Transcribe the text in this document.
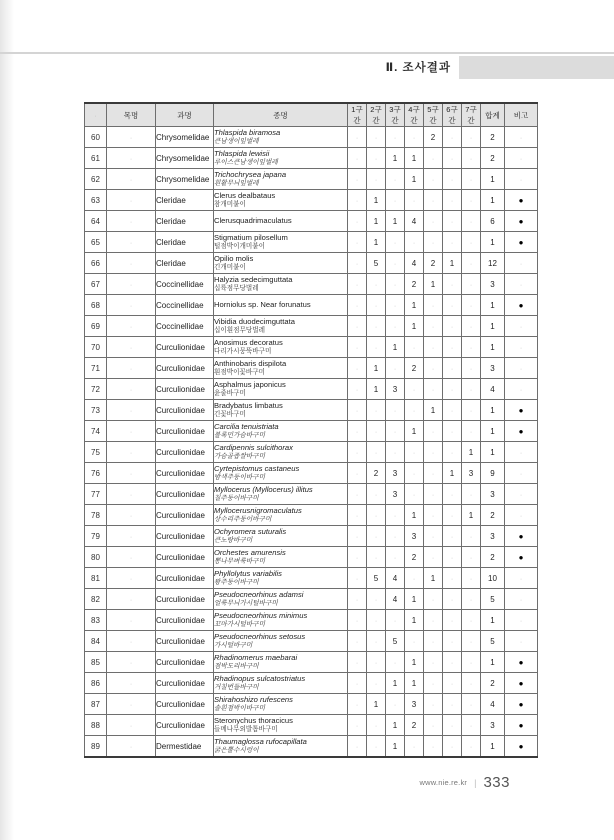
Ⅱ. 조사결과
·	목명	과명	종명	1구간	2구간	3구간	4구간	5구간	6구간	7구간	합계	비고
60	·	Chrysomelidae	Thlaspida biramosa
큰남생이잎벌레
	·	·	·	·	2	·	·	2	·
61	·	Chrysomelidae	Thlaspida lewisii
루이스큰남생이잎벌레
	·	·	1	1	·	·	·	2	·
62	·	Chrysomelidae	Trichochrysea japana
흰활무늬잎벌레
	·	·	·	1	·	·	·	1	·
63	·	Cleridae	Clerus dealbataus
참개미붙이
	·	1	·	·	·	·	·	1	●
64	·	Cleridae	Clerusquadrimaculatus
	·	1	1	4	·	·	·	6	●
65	·	Cleridae	Stigmatium pilosellum
털점박이개미붙이
	·	1	·	·	·	·	·	1	●
66	·	Cleridae	Opilio molis
긴개미붙이
	·	5	·	4	2	1	·	12	·
67	·	Coccinellidae	Halyzia sedecimguttata
십륙점무당벌레
	·	·	·	2	1	·	·	3	·
68	·	Coccinellidae	Horniolus sp. Near forunatus
	·	·	·	1	·	·	·	1	●
69	·	Coccinellidae	Vibidia duodecimguttata
십이흰점무당벌레
	·	·	·	1	·	·	·	1	·
70	·	Curculionidae	Anosimus decoratus
다리가시뭉뚝바구미
	·	·	1	·	·	·	·	1	·
71	·	Curculionidae	Anthinobaris dispilota
흰점박이꽃바구미
	·	1	·	2	·	·	·	3	·
72	·	Curculionidae	Asphalmus japonicus
윤줄바구미
	·	1	3	·	·	·	·	4	·
73	·	Curculionidae	Bradybatus limbatus
긴꽃바구미
	·	·	·	·	1	·	·	1	●
74	·	Curculionidae	Carcilia tenuistriata
볼록민가슴바구미
	·	·	·	1	·	·	·	1	●
75	·	Curculionidae	Cardipennis sulcithorax
가슴골좁쌀바구미
	·	·	·	·	·	·	1	1	·
76	·	Curculionidae	Cyrtepistomus castaneus
밤색주둥이바구미
	·	2	3	·	·	1	3	9	·
77	·	Curculionidae	Myllocerus (Myllocerus) illitus
칠주둥이바구미
	·	·	3	·	·	·	·	3	·
78	·	Curculionidae	Myllocerusnigromaculatus
상수리주둥이바구미
	·	·	·	1	·	·	1	2	·
79	·	Curculionidae	Ochyromera suturalis
큰노랑바구미
	·	·	·	3	·	·	·	3	●
80	·	Curculionidae	Orchestes amurensis
뽕나무벼룩바구미
	·	·	·	2	·	·	·	2	●
81	·	Curculionidae	Phyllolytus variabilis
왕주둥이바구미
	·	5	4	·	1	·	·	10	·
82	·	Curculionidae	Pseudocneorhinus adamsi
얼룩무늬가시털바구미
	·	·	4	1	·	·	·	5	·
83	·	Curculionidae	Pseudocneorhinus minimus
꼬마가시털바구미
	·	·	·	1	·	·	·	1	·
84	·	Curculionidae	Pseudocneorhinus setosus
가시털바구미
	·	·	5	·	·	·	·	5	·
85	·	Curculionidae	Rhadinomerus maebarai
점박도리바구미
	·	·	·	1	·	·	·	1	●
86	·	Curculionidae	Rhadinopus sulcatostriatus
거칠번들바구미
	·	·	1	1	·	·	·	2	●
87	·	Curculionidae	Shirahoshizo rufescens
솔흰점박이바구미
	·	1	·	3	·	·	·	4	●
88	·	Curculionidae	Steronychus thoracicus
들메나무외발톱바구미
	·	·	1	2	·	·	·	3	●
89	·	Dermestidae	Thaumaglossa rufocapillata
굵은뿔수시렁이
	·	·	1	·	·	·	·	1	●
www.nie.re.kr | 333
